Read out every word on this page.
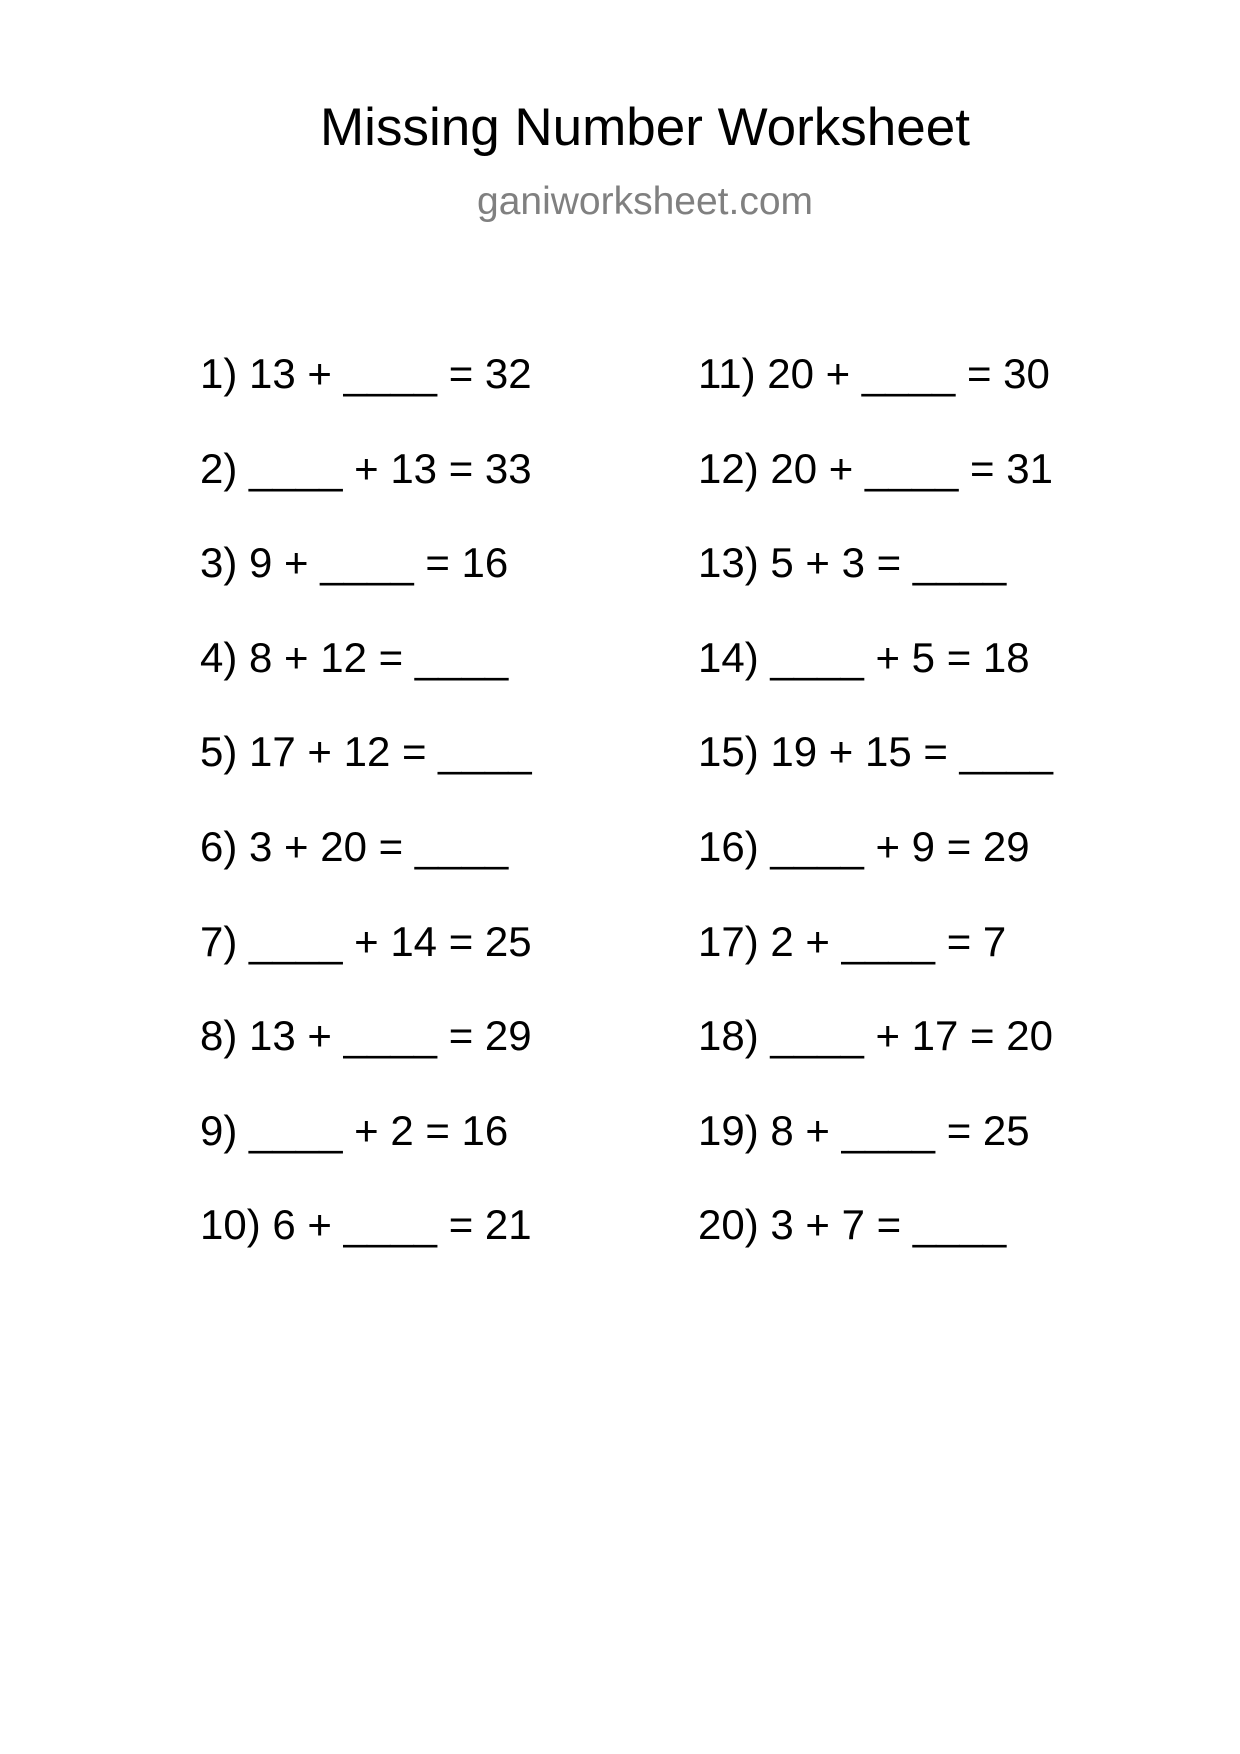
Missing Number Worksheet
ganiworksheet.com
1) 13 + ____ = 32
2) ____ + 13 = 33
3) 9 + ____ = 16
4) 8 + 12 = ____
5) 17 + 12 = ____
6) 3 + 20 = ____
7) ____ + 14 = 25
8) 13 + ____ = 29
9) ____ + 2 = 16
10) 6 + ____ = 21
11) 20 + ____ = 30
12) 20 + ____ = 31
13) 5 + 3 = ____
14) ____ + 5 = 18
15) 19 + 15 = ____
16) ____ + 9 = 29
17) 2 + ____ = 7
18) ____ + 17 = 20
19) 8 + ____ = 25
20) 3 + 7 = ____
